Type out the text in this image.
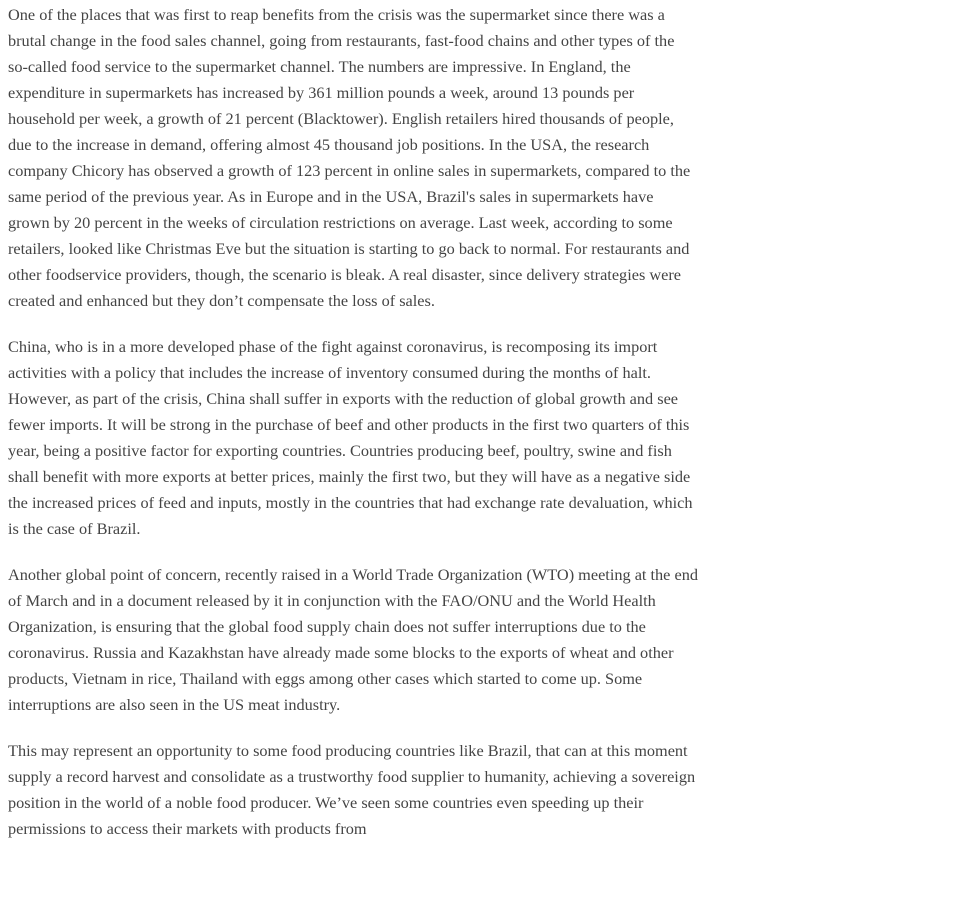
One of the places that was first to reap benefits from the crisis was the supermarket since there was a brutal change in the food sales channel, going from restaurants, fast-food chains and other types of the so-called food service to the supermarket channel. The numbers are impressive. In England, the expenditure in supermarkets has increased by 361 million pounds a week, around 13 pounds per household per week, a growth of 21 percent (Blacktower). English retailers hired thousands of people, due to the increase in demand, offering almost 45 thousand job positions. In the USA, the research company Chicory has observed a growth of 123 percent in online sales in supermarkets, compared to the same period of the previous year. As in Europe and in the USA, Brazil's sales in supermarkets have grown by 20 percent in the weeks of circulation restrictions on average. Last week, according to some retailers, looked like Christmas Eve but the situation is starting to go back to normal. For restaurants and other foodservice providers, though, the scenario is bleak. A real disaster, since delivery strategies were created and enhanced but they don’t compensate the loss of sales.

China, who is in a more developed phase of the fight against coronavirus, is recomposing its import activities with a policy that includes the increase of inventory consumed during the months of halt. However, as part of the crisis, China shall suffer in exports with the reduction of global growth and see fewer imports. It will be strong in the purchase of beef and other products in the first two quarters of this year, being a positive factor for exporting countries. Countries producing beef, poultry, swine and fish shall benefit with more exports at better prices, mainly the first two, but they will have as a negative side the increased prices of feed and inputs, mostly in the countries that had exchange rate devaluation, which is the case of Brazil.

Another global point of concern, recently raised in a World Trade Organization (WTO) meeting at the end of March and in a document released by it in conjunction with the FAO/ONU and the World Health Organization, is ensuring that the global food supply chain does not suffer interruptions due to the coronavirus. Russia and Kazakhstan have already made some blocks to the exports of wheat and other products, Vietnam in rice, Thailand with eggs among other cases which started to come up. Some interruptions are also seen in the US meat industry.

This may represent an opportunity to some food producing countries like Brazil, that can at this moment supply a record harvest and consolidate as a trustworthy food supplier to humanity, achieving a sovereign position in the world of a noble food producer. We’ve seen some countries even speeding up their permissions to access their markets with products from
